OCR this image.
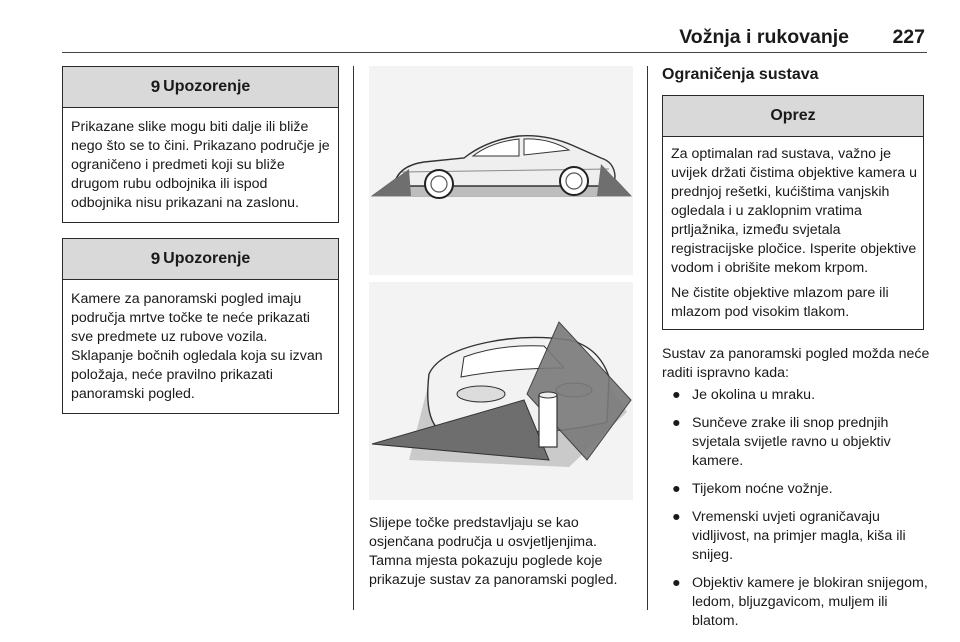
Vožnja i rukovanje 227
9 Upozorenje
Prikazane slike mogu biti dalje ili bliže nego što se to čini. Prikazano područje je ograničeno i predmeti koji su bliže drugom rubu odbojnika ili ispod odbojnika nisu prikazani na zaslonu.
9 Upozorenje
Kamere za panoramski pogled imaju područja mrtve točke te neće prikazati sve predmete uz rubove vozila. Sklapanje bočnih ogledala koja su izvan položaja, neće pravilno prikazati panoramski pogled.
Slijepe točke predstavljaju se kao osjenčana područja u osvjetljenjima. Tamna mjesta pokazuju poglede koje prikazuje sustav za panoramski pogled.
Ograničenja sustava
Oprez

Za optimalan rad sustava, važno je uvijek držati čistima objektive kamera u prednjoj rešetki, kućištima vanjskih ogledala i u zaklopnim vratima prtljažnika, između svjetala registracijske pločice. Isperite objektive vodom i obrišite mekom krpom.

Ne čistite objektive mlazom pare ili mlazom pod visokim tlakom.

Sustav za panoramski pogled možda neće raditi ispravno kada:
● Je okolina u mraku.
● Sunčeve zrake ili snop prednjih svjetala svijetle ravno u objektiv kamere.
● Tijekom noćne vožnje.
● Vremenski uvjeti ograničavaju vidljivost, na primjer magla, kiša ili snijeg.
● Objektiv kamere je blokiran snijegom, ledom, bljuzgavicom, muljem ili blatom.
